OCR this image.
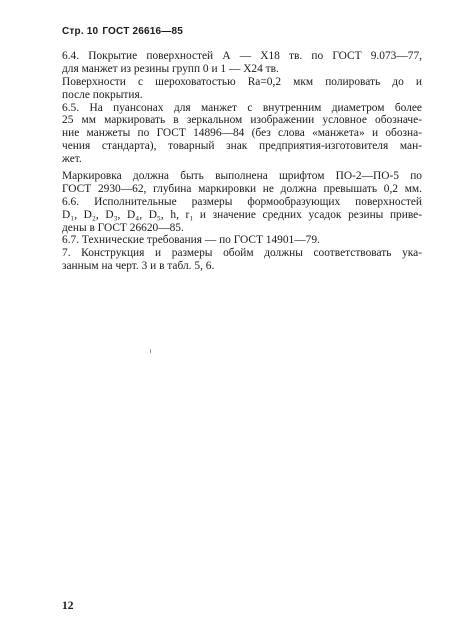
Стр. 10 ГОСТ 26616—85
6.4. Покрытие поверхностей А — Х18 тв. по ГОСТ 9.073—77,
для манжет из резины групп 0 и 1 — Х24 тв.
Поверхности с шероховатостью Ra=0,2 мкм полировать до и
после покрытия.
6.5. На пуансонах для манжет с внутренним диаметром более
25 мм маркировать в зеркальном изображении условное обозначе-
ние манжеты по ГОСТ 14896—84 (без слова «манжета» и обозна-
чения стандарта), товарный знак предприятия-изготовителя ман-
жет.
Маркировка должна быть выполнена шрифтом ПО-2—ПО-5 по
ГОСТ 2930—62, глубина маркировки не должна превышать 0,2 мм.
6.6. Исполнительные размеры формообразующих поверхностей
D₁, D₂, D₃, D₄, D₅, h, r₁ и значение средних усадок резины приве-
дены в ГОСТ 26620—85.
6.7. Технические требования — по ГОСТ 14901—79.
7. Конструкция и размеры обойм должны соответствовать ука-
занным на черт. 3 и в табл. 5, 6.
12
